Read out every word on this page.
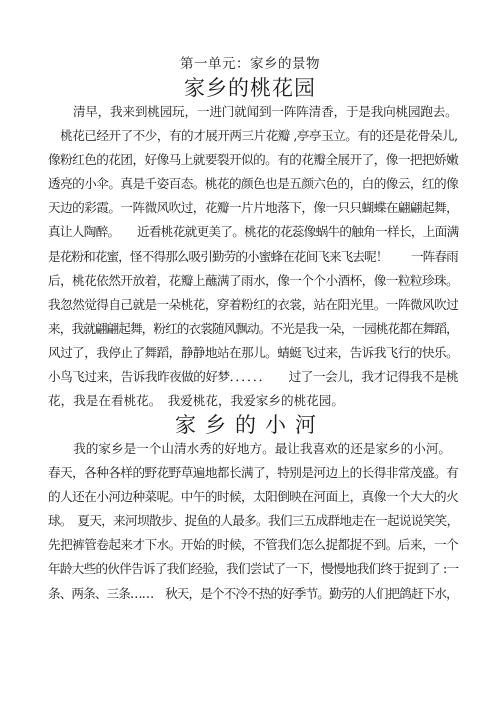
第一单元：家乡的景物
家乡的桃花园
　　清早，我来到桃园玩，一进门就闻到一阵阵清香，于是我向桃园跑去。
　桃花已经开了不少，有的才展开两三片花瓣 ,亭亭玉立。有的还是花骨朵儿,
像粉红色的花团，好像马上就要裂开似的。有的花瓣全展开了，像一把把娇嫩
透亮的小伞。真是千姿百态。桃花的颜色也是五颜六色的，白的像云，红的像
天边的彩霞。一阵微风吹过，花瓣一片片地落下，像一只只蝴蝶在翩翩起舞，
真让人陶醉。　　近看桃花就更美了。桃花的花蕊像蜗牛的触角一样长，上面满
是花粉和花蜜，怪不得那么吸引勤劳的小蜜蜂在花间飞来飞去呢！　　一阵春雨
后，桃花依然开放着，花瓣上蘸满了雨水，像一个个小酒杯，像一粒粒珍珠。
我忽然觉得自己就是一朵桃花，穿着粉红的衣裳，站在阳光里。一阵微风吹过
来，我就翩翩起舞，粉红的衣裳随风飘动。不光是我一朵，一园桃花都在舞蹈，
风过了，我停止了舞蹈，静静地站在那儿。蜻蜓飞过来，告诉我飞行的快乐。
小鸟飞过来，告诉我昨夜做的好梦．．．．．．　　过了一会儿，我才记得我不是桃
花，我是在看桃花。　我爱桃花，我爱家乡的桃花园。
家乡的小河
　　我的家乡是一个山清水秀的好地方。最让我喜欢的还是家乡的小河。
春天，各种各样的野花野草遍地都长满了，特别是河边上的长得非常茂盛。有
的人还在小河边种菜呢。中午的时候，太阳倒映在河面上，真像一个大大的火
球。　夏天，来河坝散步、捉鱼的人最多。我们三五成群地走在一起说说笑笑，
先把裤管卷起来才下水。开始的时候，不管我们怎么捉都捉不到。后来，一个
年龄大些的伙伴告诉了我们经验，我们尝试了一下，慢慢地我们终于捉到了 :一
条、两条、三条……　秋天，是个不冷不热的好季节。勤劳的人们把鸽赶下水，
